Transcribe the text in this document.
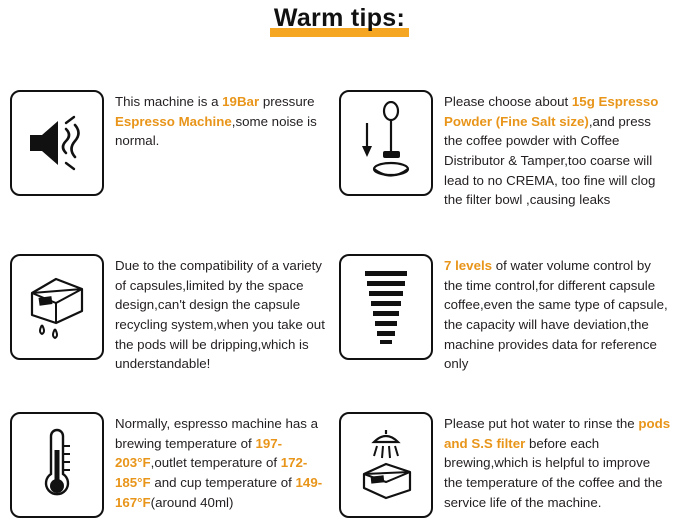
Warm tips:
This machine is a 19Bar pressure Espresso Machine,some noise is normal.
Please choose about 15g Espresso Powder (Fine Salt size),and press the coffee powder with Coffee Distributor & Tamper,too coarse will lead to no CREMA, too fine will clog the filter bowl ,causing leaks
Due to the compatibility of a variety of capsules,limited by the space design,can't design the capsule recycling system,when you take out the pods will be dripping,which is understandable!
7 levels of water volume control by the time control,for different capsule coffee,even the same type of capsule, the capacity will have deviation,the machine provides data for reference only
Normally, espresso machine has a brewing temperature of 197-203°F,outlet temperature of 172-185°F and cup temperature of 149-167°F(around 40ml)
Please put hot water to rinse the pods and S.S filter before each brewing,which is helpful to improve the temperature of the coffee and the service life of the machine.
